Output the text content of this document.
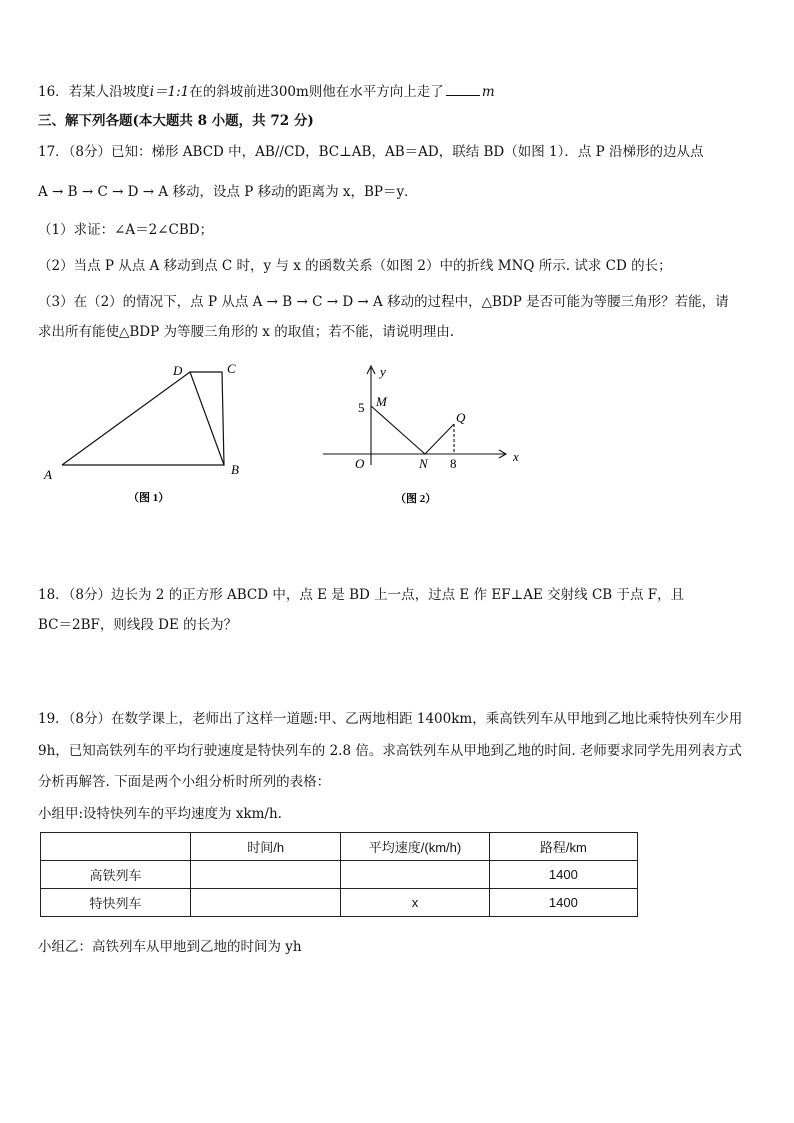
16．若某人沿坡度i＝1:1在的斜坡前进300m则他在水平方向上走了	m
三、解下列各题(本大题共 8 小题，共 72 分)
17．（8分）已知：梯形 ABCD 中，AB//CD，BC⊥AB，AB＝AD，联结 BD（如图 1）．点 P 沿梯形的边从点
A → B → C → D → A 移动，设点 P 移动的距离为 x，BP＝y．
（1）求证：∠A＝2∠CBD；
（2）当点 P 从点 A 移动到点 C 时，y 与 x 的函数关系（如图 2）中的折线 MNQ 所示. 试求 CD 的长；
（3）在（2）的情况下，点 P 从点 A → B → C → D → A 移动的过程中，△BDP 是否可能为等腰三角形？若能，请
求出所有能使△BDP 为等腰三角形的 x 的取值；若不能，请说明理由.
A	B
C
D
（图 1）
y
x
O
M
5
N 8
Q
（图 2）
18．（8分）边长为 2 的正方形 ABCD 中，点 E 是 BD 上一点，过点 E 作 EF⊥AE 交射线 CB 于点 F，且
BC＝2BF，则线段 DE 的长为？
19．（8分）在数学课上，老师出了这样一道题:甲、乙两地相距 1400km，乘高铁列车从甲地到乙地比乘特快列车少用
9h，已知高铁列车的平均行驶速度是特快列车的 2.8 倍。求高铁列车从甲地到乙地的时间. 老师要求同学先用列表方式
分析再解答. 下面是两个小组分析时所列的表格：
小组甲:设特快列车的平均速度为 xkm/h.
	时间/h	平均速度/(km/h)	路程/km
高铁列车			1400
特快列车		x	1400
小组乙：高铁列车从甲地到乙地的时间为 yh
